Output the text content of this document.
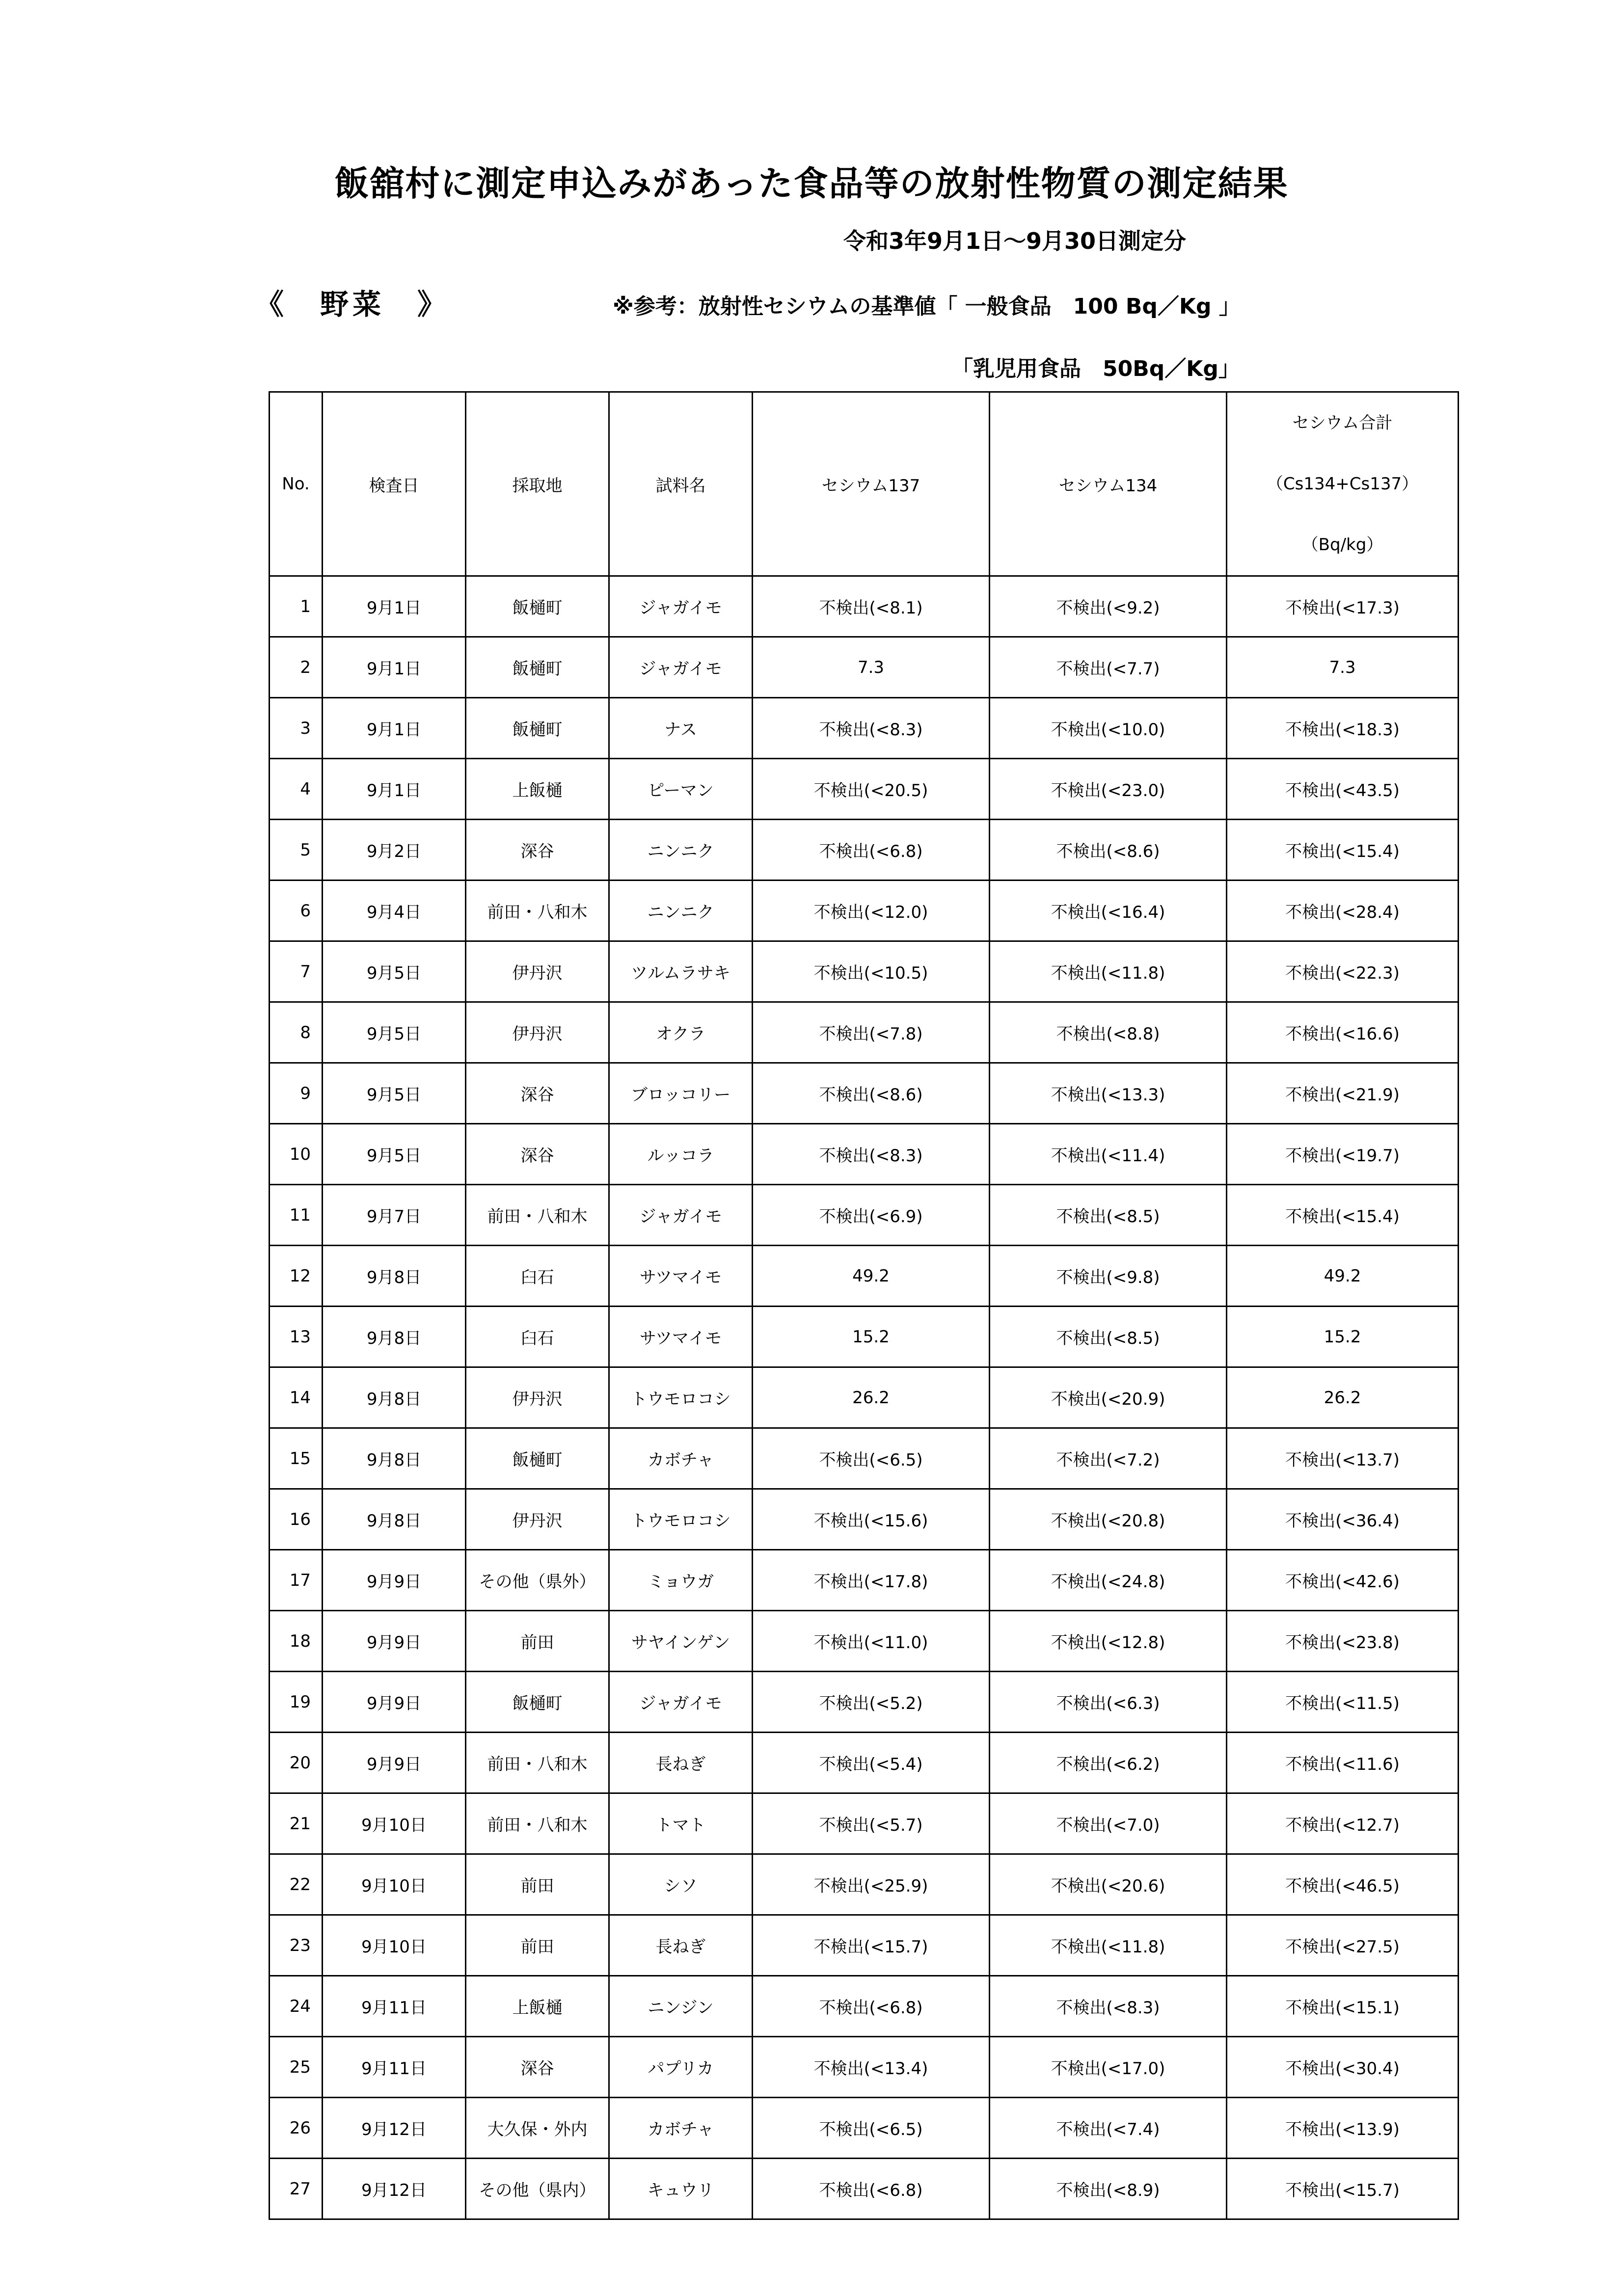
飯舘村に測定申込みがあった食品等の放射性物質の測定結果
令和3年9月1日～9月30日測定分
《　野菜　》	※参考：放射性セシウムの基準値「 一般食品　100 Bq／Kg 」
「乳児用食品　50Bq／Kg」
No.	検査日	採取地	試料名	セシウム137	セシウム134	セシウム合計
（Cs134+Cs137）
（Bq/kg）

1	9月1日	飯樋町	ジャガイモ	不検出(<8.1)	不検出(<9.2)	不検出(<17.3)
2	9月1日	飯樋町	ジャガイモ	7.3	不検出(<7.7)	7.3
3	9月1日	飯樋町	ナス	不検出(<8.3)	不検出(<10.0)	不検出(<18.3)
4	9月1日	上飯樋	ピーマン	不検出(<20.5)	不検出(<23.0)	不検出(<43.5)
5	9月2日	深谷	ニンニク	不検出(<6.8)	不検出(<8.6)	不検出(<15.4)
6	9月4日	前田・八和木	ニンニク	不検出(<12.0)	不検出(<16.4)	不検出(<28.4)
7	9月5日	伊丹沢	ツルムラサキ	不検出(<10.5)	不検出(<11.8)	不検出(<22.3)
8	9月5日	伊丹沢	オクラ	不検出(<7.8)	不検出(<8.8)	不検出(<16.6)
9	9月5日	深谷	ブロッコリー	不検出(<8.6)	不検出(<13.3)	不検出(<21.9)
10	9月5日	深谷	ルッコラ	不検出(<8.3)	不検出(<11.4)	不検出(<19.7)
11	9月7日	前田・八和木	ジャガイモ	不検出(<6.9)	不検出(<8.5)	不検出(<15.4)
12	9月8日	臼石	サツマイモ	49.2	不検出(<9.8)	49.2
13	9月8日	臼石	サツマイモ	15.2	不検出(<8.5)	15.2
14	9月8日	伊丹沢	トウモロコシ	26.2	不検出(<20.9)	26.2
15	9月8日	飯樋町	カボチャ	不検出(<6.5)	不検出(<7.2)	不検出(<13.7)
16	9月8日	伊丹沢	トウモロコシ	不検出(<15.6)	不検出(<20.8)	不検出(<36.4)
17	9月9日	その他（県外）	ミョウガ	不検出(<17.8)	不検出(<24.8)	不検出(<42.6)
18	9月9日	前田	サヤインゲン	不検出(<11.0)	不検出(<12.8)	不検出(<23.8)
19	9月9日	飯樋町	ジャガイモ	不検出(<5.2)	不検出(<6.3)	不検出(<11.5)
20	9月9日	前田・八和木	長ねぎ	不検出(<5.4)	不検出(<6.2)	不検出(<11.6)
21	9月10日	前田・八和木	トマト	不検出(<5.7)	不検出(<7.0)	不検出(<12.7)
22	9月10日	前田	シソ	不検出(<25.9)	不検出(<20.6)	不検出(<46.5)
23	9月10日	前田	長ねぎ	不検出(<15.7)	不検出(<11.8)	不検出(<27.5)
24	9月11日	上飯樋	ニンジン	不検出(<6.8)	不検出(<8.3)	不検出(<15.1)
25	9月11日	深谷	パプリカ	不検出(<13.4)	不検出(<17.0)	不検出(<30.4)
26	9月12日	大久保・外内	カボチャ	不検出(<6.5)	不検出(<7.4)	不検出(<13.9)
27	9月12日	その他（県内）	キュウリ	不検出(<6.8)	不検出(<8.9)	不検出(<15.7)
